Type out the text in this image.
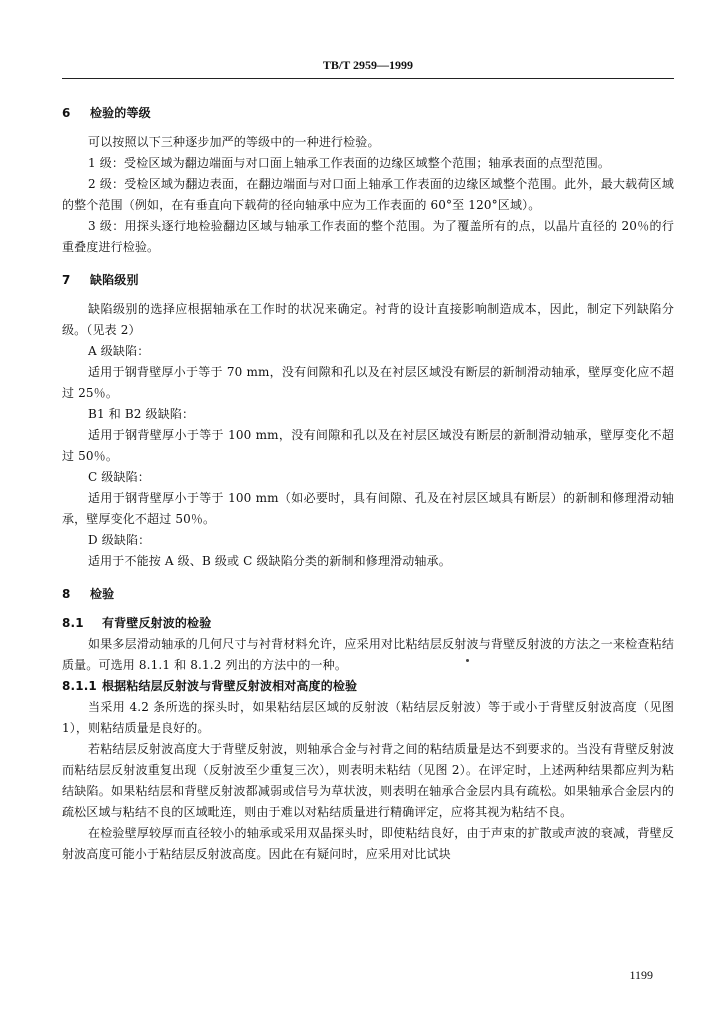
TB/T 2959—1999
6 检验的等级

可以按照以下三种逐步加严的等级中的一种进行检验。

1 级：受检区域为翻边端面与对口面上轴承工作表面的边缘区域整个范围；轴承表面的点型范围。

2 级：受检区域为翻边表面，在翻边端面与对口面上轴承工作表面的边缘区域整个范围。此外，最大载荷区域的整个范围（例如，在有垂直向下载荷的径向轴承中应为工作表面的 60°至 120°区域）。

3 级：用探头逐行地检验翻边区域与轴承工作表面的整个范围。为了覆盖所有的点，以晶片直径的 20％的行重叠度进行检验。

7 缺陷级别

缺陷级别的选择应根据轴承在工作时的状况来确定。衬背的设计直接影响制造成本，因此，制定下列缺陷分级。（见表 2）

A 级缺陷：

适用于钢背壁厚小于等于 70 mm，没有间隙和孔以及在衬层区域没有断层的新制滑动轴承，壁厚变化应不超过 25％。

B1 和 B2 级缺陷：

适用于钢背壁厚小于等于 100 mm，没有间隙和孔以及在衬层区域没有断层的新制滑动轴承，壁厚变化不超过 50％。

C 级缺陷：

适用于钢背壁厚小于等于 100 mm（如必要时，具有间隙、孔及在衬层区域具有断层）的新制和修理滑动轴承，壁厚变化不超过 50％。

D 级缺陷：

适用于不能按 A 级、B 级或 C 级缺陷分类的新制和修理滑动轴承。

8 检验
8.1 有背壁反射波的检验

如果多层滑动轴承的几何尺寸与衬背材料允许，应采用对比粘结层反射波与背壁反射波的方法之一来检查粘结质量。可选用 8.1.1 和 8.1.2 列出的方法中的一种。

8.1.1 根据粘结层反射波与背壁反射波相对高度的检验

当采用 4.2 条所选的探头时，如果粘结层区域的反射波（粘结层反射波）等于或小于背壁反射波高度（见图 1），则粘结质量是良好的。

若粘结层反射波高度大于背壁反射波，则轴承合金与衬背之间的粘结质量是达不到要求的。当没有背壁反射波而粘结层反射波重复出现（反射波至少重复三次），则表明未粘结（见图 2）。在评定时，上述两种结果都应判为粘结缺陷。如果粘结层和背壁反射波都减弱或信号为草状波，则表明在轴承合金层内具有疏松。如果轴承合金层内的疏松区域与粘结不良的区域毗连，则由于难以对粘结质量进行精确评定，应将其视为粘结不良。

在检验壁厚较厚而直径较小的轴承或采用双晶探头时，即使粘结良好，由于声束的扩散或声波的衰减，背壁反射波高度可能小于粘结层反射波高度。因此在有疑问时，应采用对比试块

1199
